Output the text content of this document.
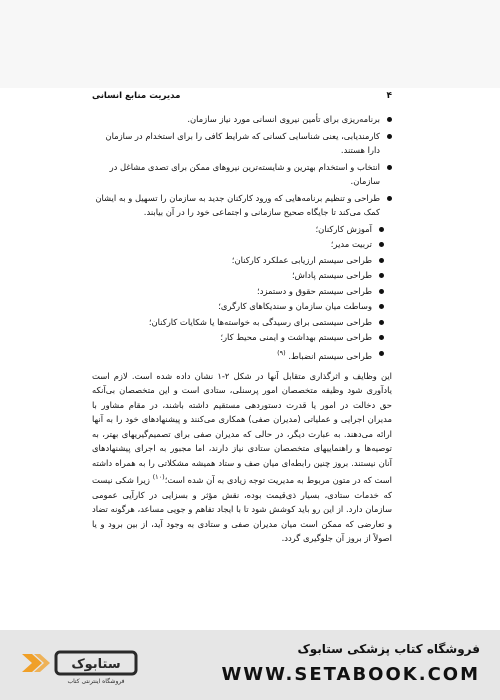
۴
مدیریت منابع انسانی
برنامه‌ریزی برای تأمین نیروی انسانی مورد نیاز سازمان.
کارمندیابی، یعنی شناسایی کسانی که شرایط کافی را برای استخدام در سازمان دارا هستند.
انتخاب و استخدام بهترین و شایسته‌ترین نیروهای ممکن برای تصدی مشاغل در سازمان.
طراحی و تنظیم برنامه‌هایی که ورود کارکنان جدید به سازمان را تسهیل و به ایشان کمک می‌کند تا جایگاه صحیح سازمانی و اجتماعی خود را در آن بیابند.
آموزش کارکنان؛
تربیت مدیر؛
طراحی سیستم ارزیابی عملکرد کارکنان؛
طراحی سیستم پاداش؛
طراحی سیستم حقوق و دستمزد؛
وساطت میان سازمان و سندیکاهای کارگری؛
طراحی سیستمی برای رسیدگی به خواسته‌ها یا شکایات کارکنان؛
طراحی سیستم بهداشت و ایمنی محیط کار؛
طراحی سیستم انضباط. $^{(۹)}$

این وظایف و اثرگذاری متقابل آنها در شکل ۲-۱ نشان داده شده است. لازم است یادآوری شود وظیفه متخصصان امور پرسنلی، ستادی است و این متخصصان بی‌آنکه حق دخالت در امور یا قدرت دستوردهی مستقیم داشته باشند، در مقام مشاور با مدیران اجرایی و عملیاتی (مدیران صفی) همکاری می‌کنند و پیشنهادهای خود را به آنها ارائه می‌دهند. به عبارت دیگر، در حالی که مدیران صفی برای تصمیم‌گیریهای بهتر، به توصیه‌ها و راهنماییهای متخصصان ستادی نیاز دارند، اما مجبور به اجرای پیشنهادهای آنان نیستند. بروز چنین رابطه‌ای میان صف و ستاد همیشه مشکلاتی را به همراه داشته است که در متون مربوط به مدیریت توجه زیادی به آن شده است؛$^{(۱۰)}$ زیرا شکی نیست که خدمات ستادی، بسیار ذی‌قیمت بوده، نقش مؤثر و بسزایی در کارآیی عمومی سازمان دارد. از این رو باید کوشش شود تا با ایجاد تفاهم و جویی مساعد، هرگونه تضاد و تعارضی که ممکن است میان مدیران صفی و ستادی به وجود آید، از بین برود و یا اصولاً از بروز آن جلوگیری گردد.

ستابوک
فروشگاه اینترنتی کتاب
فروشگاه کتاب پزشکی ستابوک
WWW.SETABOOK.COM
